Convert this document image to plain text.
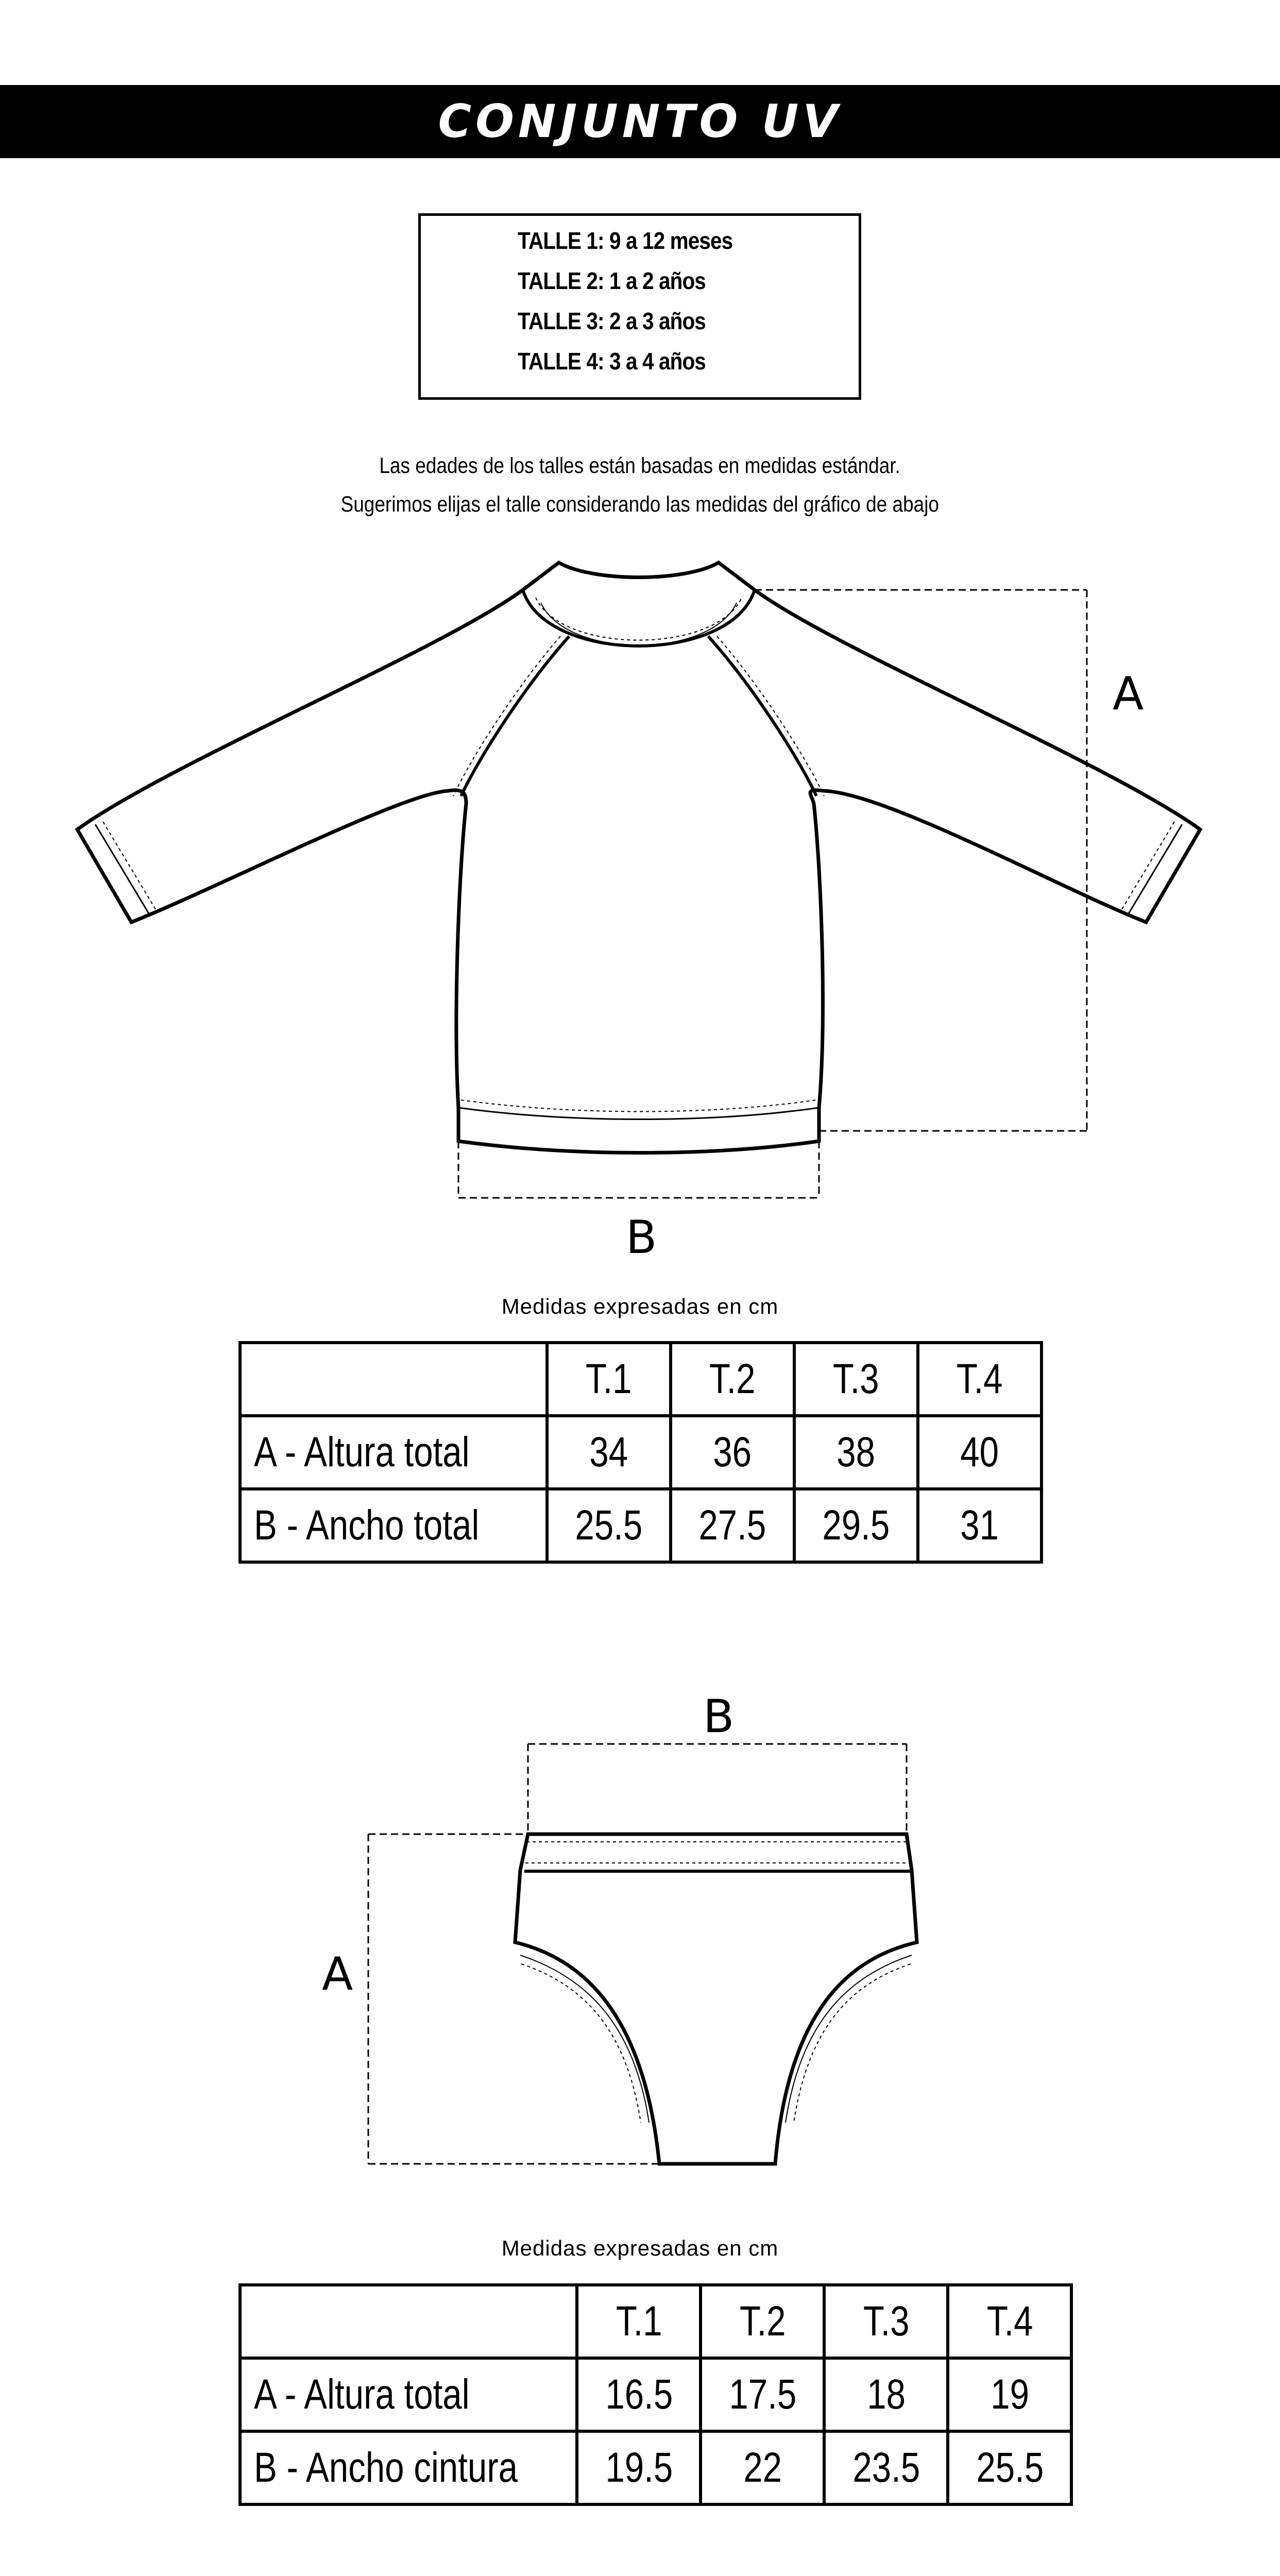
CONJUNTO UV
TALLE 1: 9 a 12 meses
TALLE 2: 1 a 2 años
TALLE 3: 2 a 3 años
TALLE 4: 3 a 4 años
Las edades de los talles están basadas en medidas estándar.
Sugerimos elijas el talle considerando las medidas del gráfico de abajo
A
B
B
A
Medidas expresadas en cm
	T.1	T.2	T.3	T.4
A - Altura total	34	36	38	40
B - Ancho total	25.5	27.5	29.5	31
Medidas expresadas en cm
	T.1	T.2	T.3	T.4
A - Altura total	16.5	17.5	18	19
B - Ancho cintura	19.5	22	23.5	25.5
